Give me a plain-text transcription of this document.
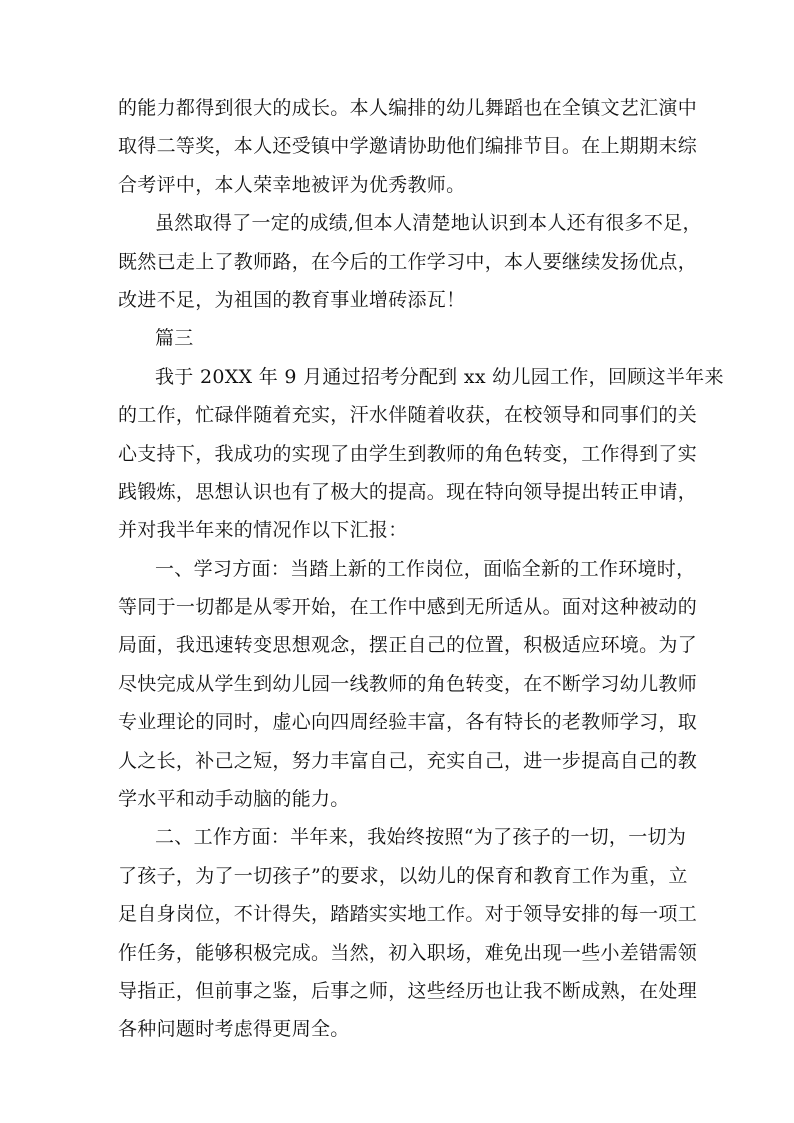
的能力都得到很大的成长。本人编排的幼儿舞蹈也在全镇文艺汇演中
取得二等奖，本人还受镇中学邀请协助他们编排节目。在上期期末综
合考评中，本人荣幸地被评为优秀教师。
虽然取得了一定的成绩,但本人清楚地认识到本人还有很多不足，
既然已走上了教师路，在今后的工作学习中，本人要继续发扬优点，
改进不足，为祖国的教育事业增砖添瓦！
篇三
我于 20XX 年 9 月通过招考分配到 xx 幼儿园工作，回顾这半年来
的工作，忙碌伴随着充实，汗水伴随着收获，在校领导和同事们的关
心支持下，我成功的实现了由学生到教师的角色转变，工作得到了实
践锻炼，思想认识也有了极大的提高。现在特向领导提出转正申请，
并对我半年来的情况作以下汇报：
一、学习方面：当踏上新的工作岗位，面临全新的工作环境时，
等同于一切都是从零开始，在工作中感到无所适从。面对这种被动的
局面，我迅速转变思想观念，摆正自己的位置，积极适应环境。为了
尽快完成从学生到幼儿园一线教师的角色转变，在不断学习幼儿教师
专业理论的同时，虚心向四周经验丰富，各有特长的老教师学习，取
人之长，补己之短，努力丰富自己，充实自己，进一步提高自己的教
学水平和动手动脑的能力。
二、工作方面：半年来，我始终按照“为了孩子的一切，一切为
了孩子，为了一切孩子”的要求，以幼儿的保育和教育工作为重，立
足自身岗位，不计得失，踏踏实实地工作。对于领导安排的每一项工
作任务，能够积极完成。当然，初入职场，难免出现一些小差错需领
导指正，但前事之鉴，后事之师，这些经历也让我不断成熟，在处理
各种问题时考虑得更周全。
